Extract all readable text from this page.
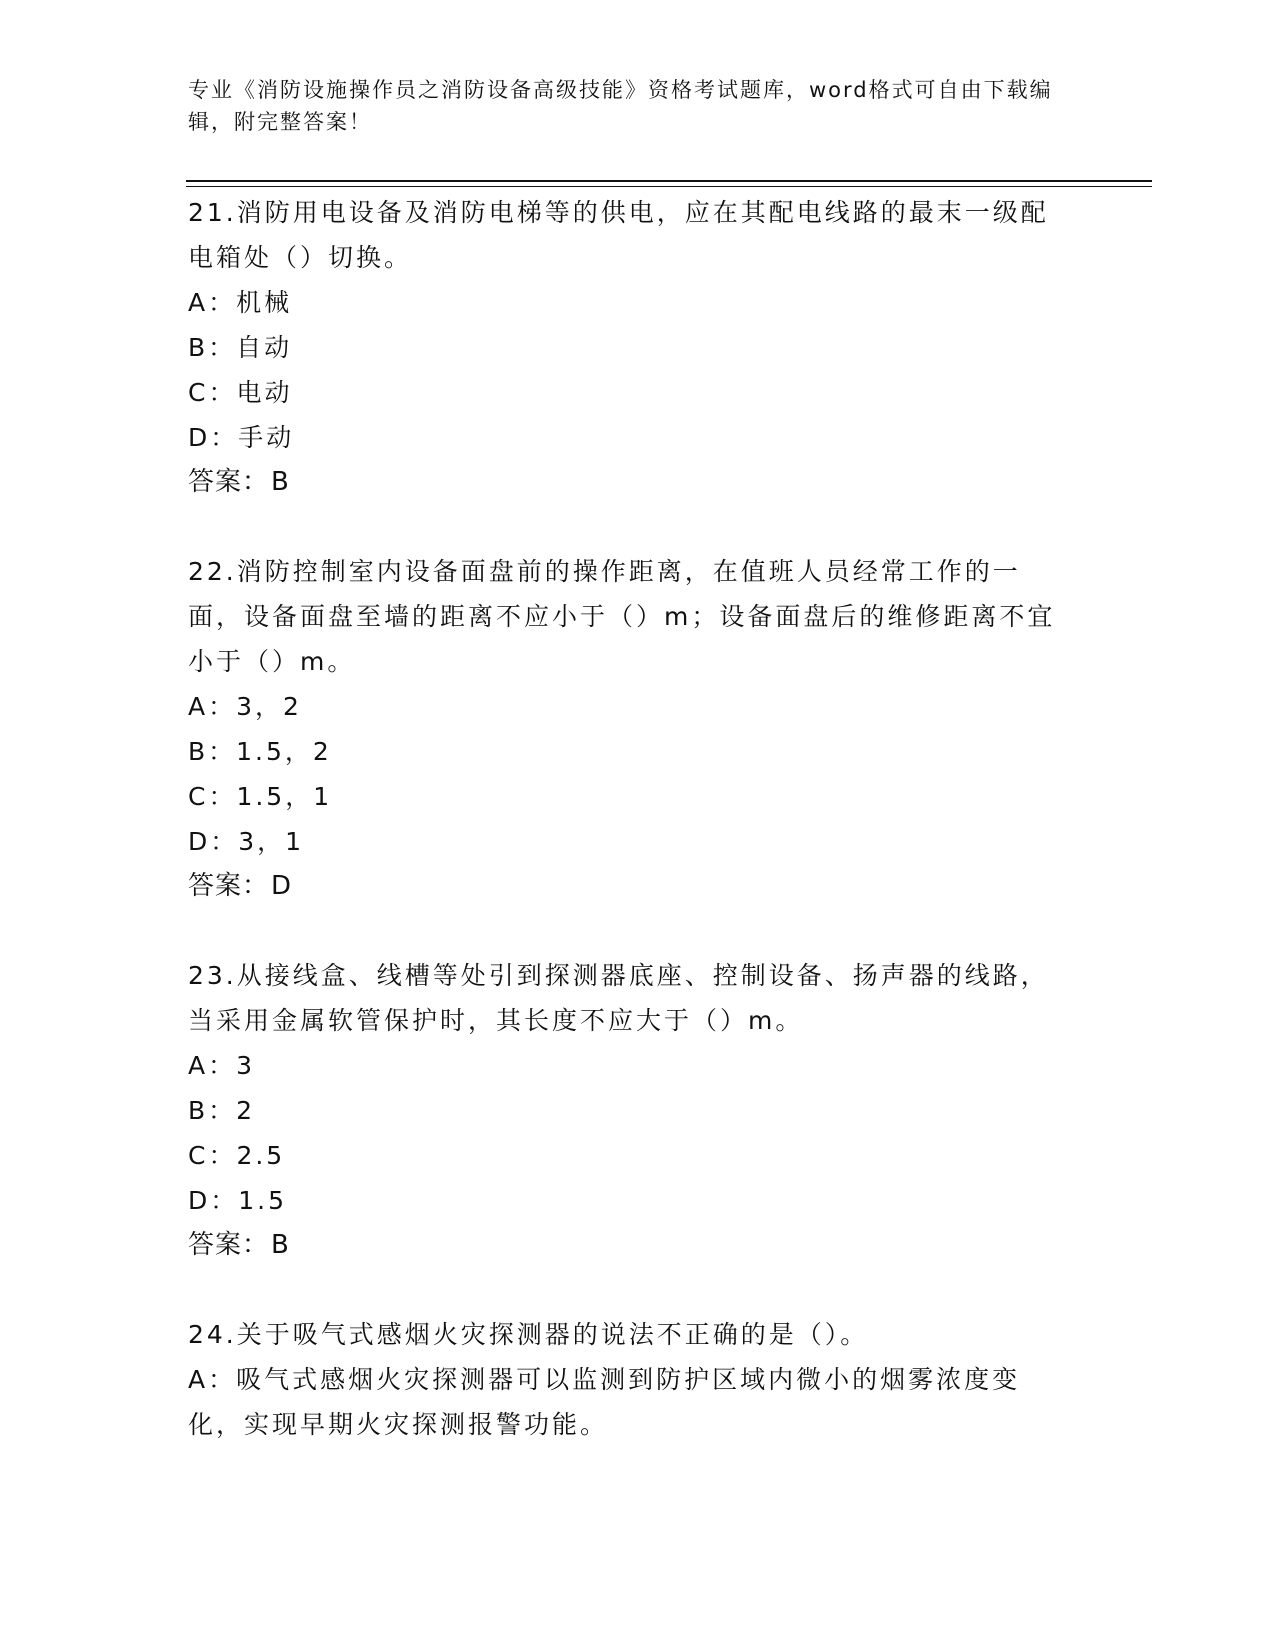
专业《消防设施操作员之消防设备高级技能》资格考试题库，word格式可自由下载编辑，附完整答案！
21.消防用电设备及消防电梯等的供电，应在其配电线路的最末一级配电箱处（）切换。
A：机械
B：自动
C：电动
D：手动
答案：B
22.消防控制室内设备面盘前的操作距离，在值班人员经常工作的一面，设备面盘至墙的距离不应小于（）m；设备面盘后的维修距离不宜小于（）m。
A：3，2
B：1.5，2
C：1.5，1
D：3，1
答案：D
23.从接线盒、线槽等处引到探测器底座、控制设备、扬声器的线路，当采用金属软管保护时，其长度不应大于（）m。
A：3
B：2
C：2.5
D：1.5
答案：B
24.关于吸气式感烟火灾探测器的说法不正确的是（）。
A：吸气式感烟火灾探测器可以监测到防护区域内微小的烟雾浓度变化，实现早期火灾探测报警功能。
